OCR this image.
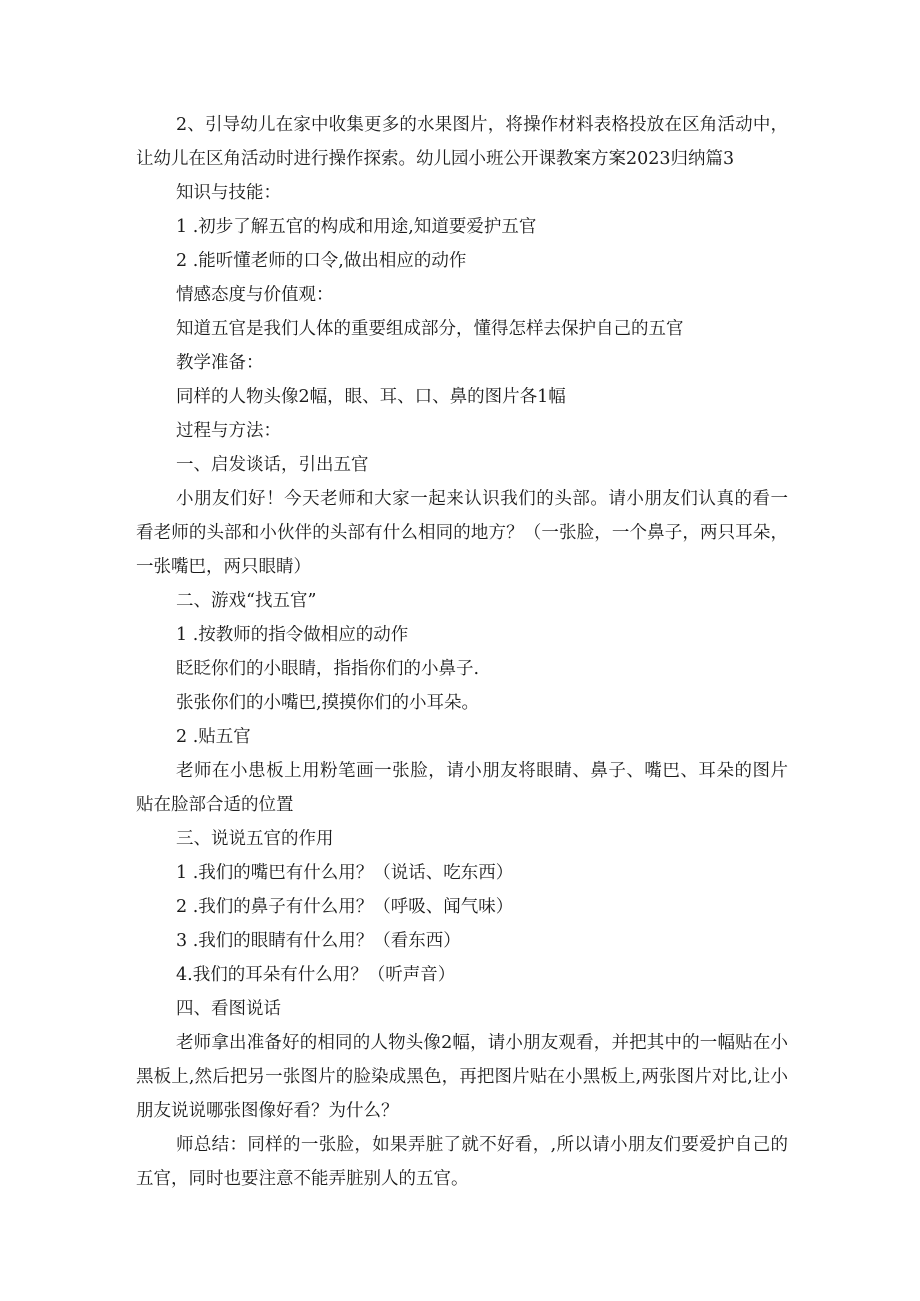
2、引导幼儿在家中收集更多的水果图片，将操作材料表格投放在区角活动中，让幼儿在区角活动时进行操作探索。幼儿园小班公开课教案方案2023归纳篇3

知识与技能：

1 .初步了解五官的构成和用途,知道要爱护五官

2 .能听懂老师的口令,做出相应的动作

情感态度与价值观：

知道五官是我们人体的重要组成部分，懂得怎样去保护自己的五官

教学准备：

同样的人物头像2幅，眼、耳、口、鼻的图片各1幅

过程与方法：

一、启发谈话，引出五官

小朋友们好！今天老师和大家一起来认识我们的头部。请小朋友们认真的看一看老师的头部和小伙伴的头部有什么相同的地方？（一张脸，一个鼻子，两只耳朵，一张嘴巴，两只眼睛）

二、游戏“找五官”

1 .按教师的指令做相应的动作

眨眨你们的小眼睛，指指你们的小鼻子.

张张你们的小嘴巴,摸摸你们的小耳朵。

2 .贴五官

老师在小患板上用粉笔画一张脸，请小朋友将眼睛、鼻子、嘴巴、耳朵的图片贴在脸部合适的位置

三、说说五官的作用

1 .我们的嘴巴有什么用？（说话、吃东西）

2 .我们的鼻子有什么用？（呼吸、闻气味）

3 .我们的眼睛有什么用？（看东西）

4.我们的耳朵有什么用？（听声音）

四、看图说话

老师拿出准备好的相同的人物头像2幅，请小朋友观看，并把其中的一幅贴在小黑板上,然后把另一张图片的脸染成黑色，再把图片贴在小黑板上,两张图片对比,让小朋友说说哪张图像好看？为什么？

师总结：同样的一张脸，如果弄脏了就不好看，,所以请小朋友们要爱护自己的五官，同时也要注意不能弄脏别人的五官。
